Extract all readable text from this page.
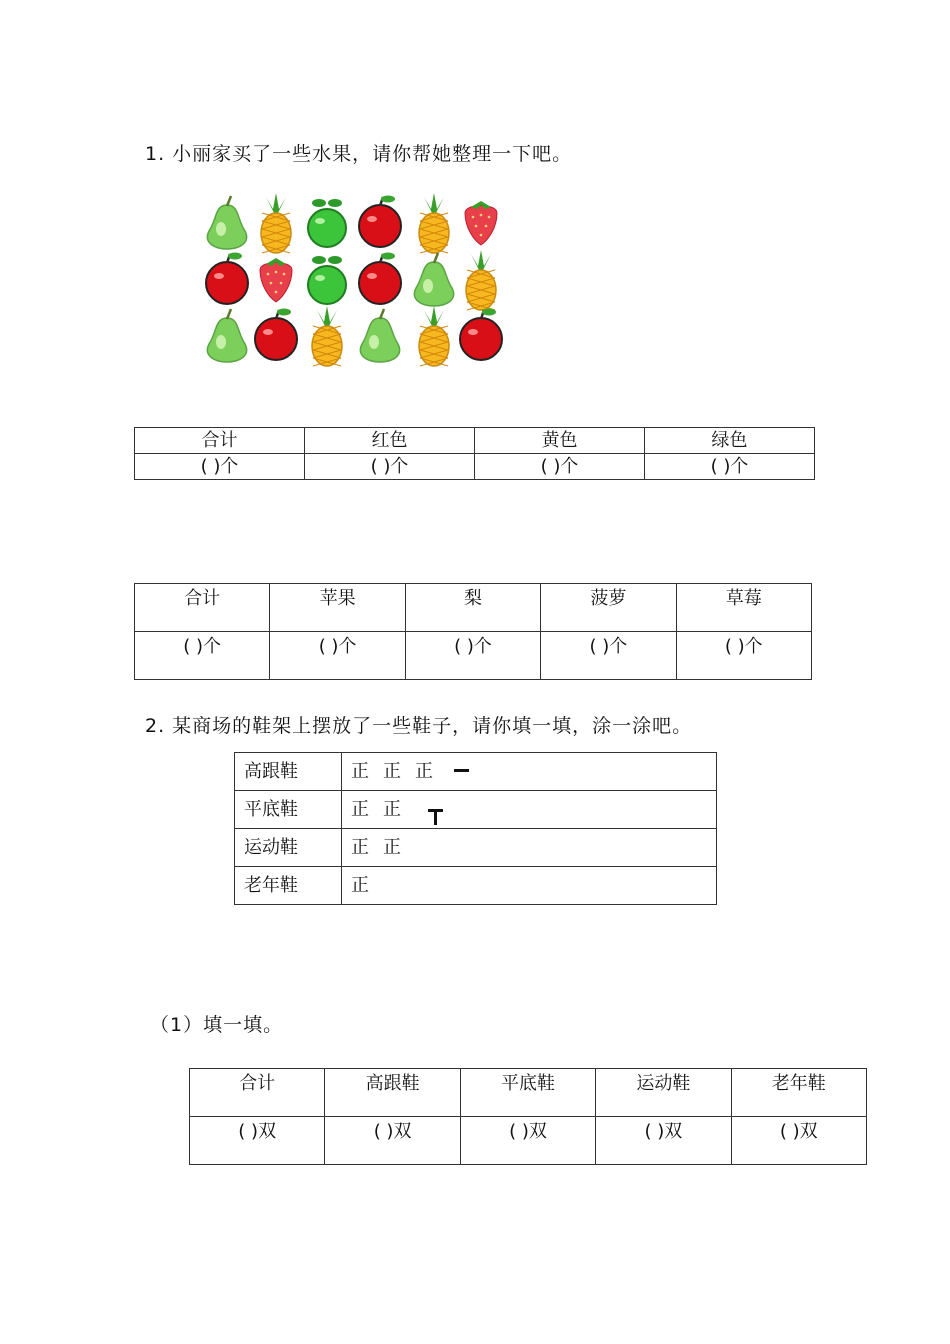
1. 小丽家买了一些水果，请你帮她整理一下吧。
合计	红色	黄色	绿色
( )个	( )个	( )个	( )个
合计	苹果	梨	菠萝	草莓
( )个	( )个	( )个	( )个	( )个
2. 某商场的鞋架上摆放了一些鞋子，请你填一填，涂一涂吧。
高跟鞋	正 正 正
平底鞋	正 正
运动鞋	正 正
老年鞋	正
（1）填一填。
合计	高跟鞋	平底鞋	运动鞋	老年鞋
( )双	( )双	( )双	( )双	( )双
